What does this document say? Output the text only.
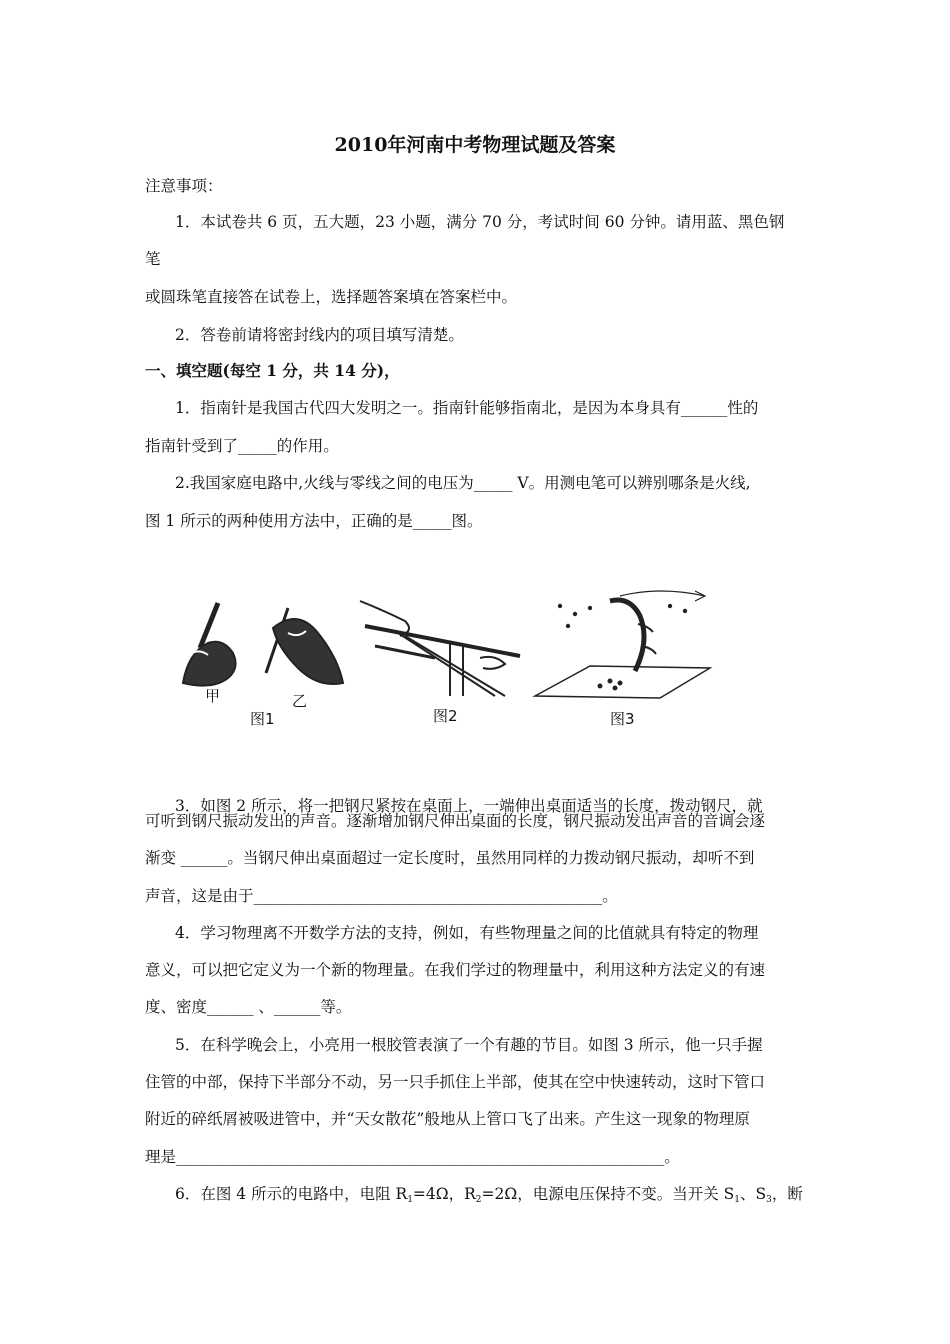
2010年河南中考物理试题及答案
注意事项：
1．本试卷共 6 页，五大题，23 小题，满分 70 分，考试时间 60 分钟。请用蓝、黑色钢
笔
或圆珠笔直接答在试卷上，选择题答案填在答案栏中。
2．答卷前请将密封线内的项目填写清楚。
一、填空题(每空 1 分，共 14 分)，
1．指南针是我国古代四大发明之一。指南针能够指南北，是因为本身具有______性的
指南针受到了_____的作用。
2.我国家庭电路中,火线与零线之间的电压为_____ V。用测电笔可以辨别哪条是火线,
图 1 所示的两种使用方法中，正确的是_____图。
甲	乙
图1	图2	图3
3．如图 2 所示，将一把钢尺紧按在桌面上，一端伸出桌面适当的长度，拨动钢尺，就
可听到钢尺振动发出的声音。逐渐增加钢尺伸出桌面的长度，钢尺振动发出声音的音调会逐
渐变 ______。当钢尺伸出桌面超过一定长度时，虽然用同样的力拨动钢尺振动，却听不到
声音，这是由于_____________________________________________。
4．学习物理离不开数学方法的支持，例如，有些物理量之间的比值就具有特定的物理
意义，可以把它定义为一个新的物理量。在我们学过的物理量中，利用这种方法定义的有速
度、密度______ 、______等。
5．在科学晚会上，小亮用一根胶管表演了一个有趣的节目。如图 3 所示，他一只手握
住管的中部，保持下半部分不动，另一只手抓住上半部，使其在空中快速转动，这时下管口
附近的碎纸屑被吸进管中，并“天女散花”般地从上管口飞了出来。产生这一现象的物理原
理是_______________________________________________________________。
6．在图 4 所示的电路中，电阻 $R_1=4\Omega$，$R_2=2\Omega$，电源电压保持不变。当开关 $S_1$、$S_3$，断
